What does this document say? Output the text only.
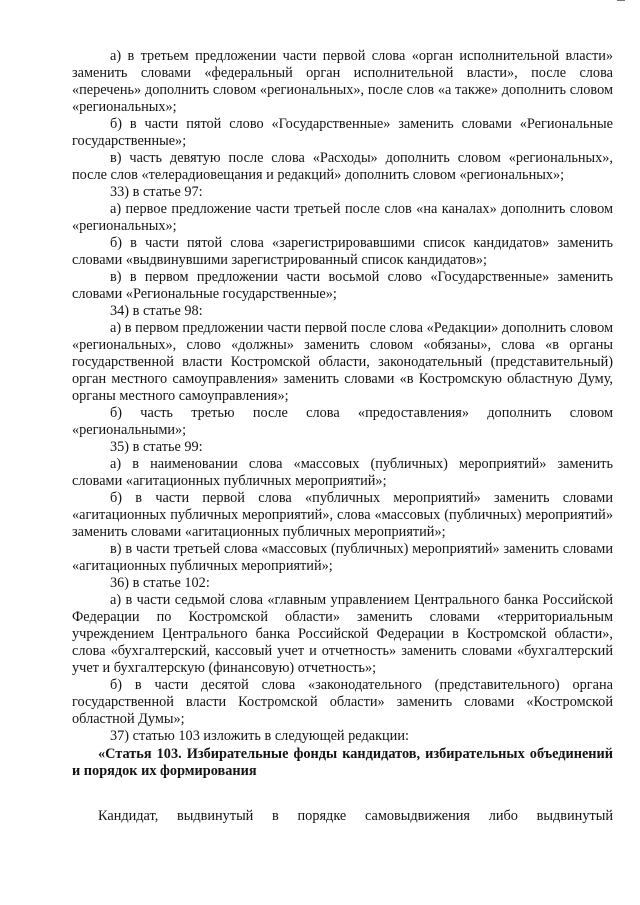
а) в третьем предложении части первой слова «орган исполнительной власти» заменить словами «федеральный орган исполнительной власти», после слова «перечень» дополнить словом «региональных», после слов «а также» дополнить словом «региональных»;

б) в части пятой слово «Государственные» заменить словами «Региональные государственные»;

в) часть девятую после слова «Расходы» дополнить словом «региональных», после слов «телерадиовещания и редакций» дополнить словом «региональных»;

33) в статье 97:

а) первое предложение части третьей после слов «на каналах» дополнить словом «региональных»;

б) в части пятой слова «зарегистрировавшими список кандидатов» заменить словами «выдвинувшими зарегистрированный список кандидатов»;

в) в первом предложении части восьмой слово «Государственные» заменить словами «Региональные государственные»;

34) в статье 98:

а) в первом предложении части первой после слова «Редакции» дополнить словом «региональных», слово «должны» заменить словом «обязаны», слова «в органы государственной власти Костромской области, законодательный (представительный) орган местного самоуправления» заменить словами «в Костромскую областную Думу, органы местного самоуправления»;

б) часть третью после слова «предоставления» дополнить словом «региональными»;

35) в статье 99:

а) в наименовании слова «массовых (публичных) мероприятий» заменить словами «агитационных публичных мероприятий»;

б) в части первой слова «публичных мероприятий» заменить словами «агитационных публичных мероприятий», слова «массовых (публичных) мероприятий» заменить словами «агитационных публичных мероприятий»;

в) в части третьей слова «массовых (публичных) мероприятий» заменить словами «агитационных публичных мероприятий»;

36) в статье 102:

а) в части седьмой слова «главным управлением Центрального банка Российской Федерации по Костромской области» заменить словами «территориальным учреждением Центрального банка Российской Федерации в Костромской области», слова «бухгалтерский, кассовый учет и отчетность» заменить словами «бухгалтерский учет и бухгалтерскую (финансовую) отчетность»;

б) в части десятой слова «законодательного (представительного) органа государственной власти Костромской области» заменить словами «Костромской областной Думы»;

37) статью 103 изложить в следующей редакции:

«Статья 103. Избирательные фонды кандидатов, избирательных объединений и порядок их формирования

Кандидат, выдвинутый в порядке самовыдвижения либо выдвинутый
